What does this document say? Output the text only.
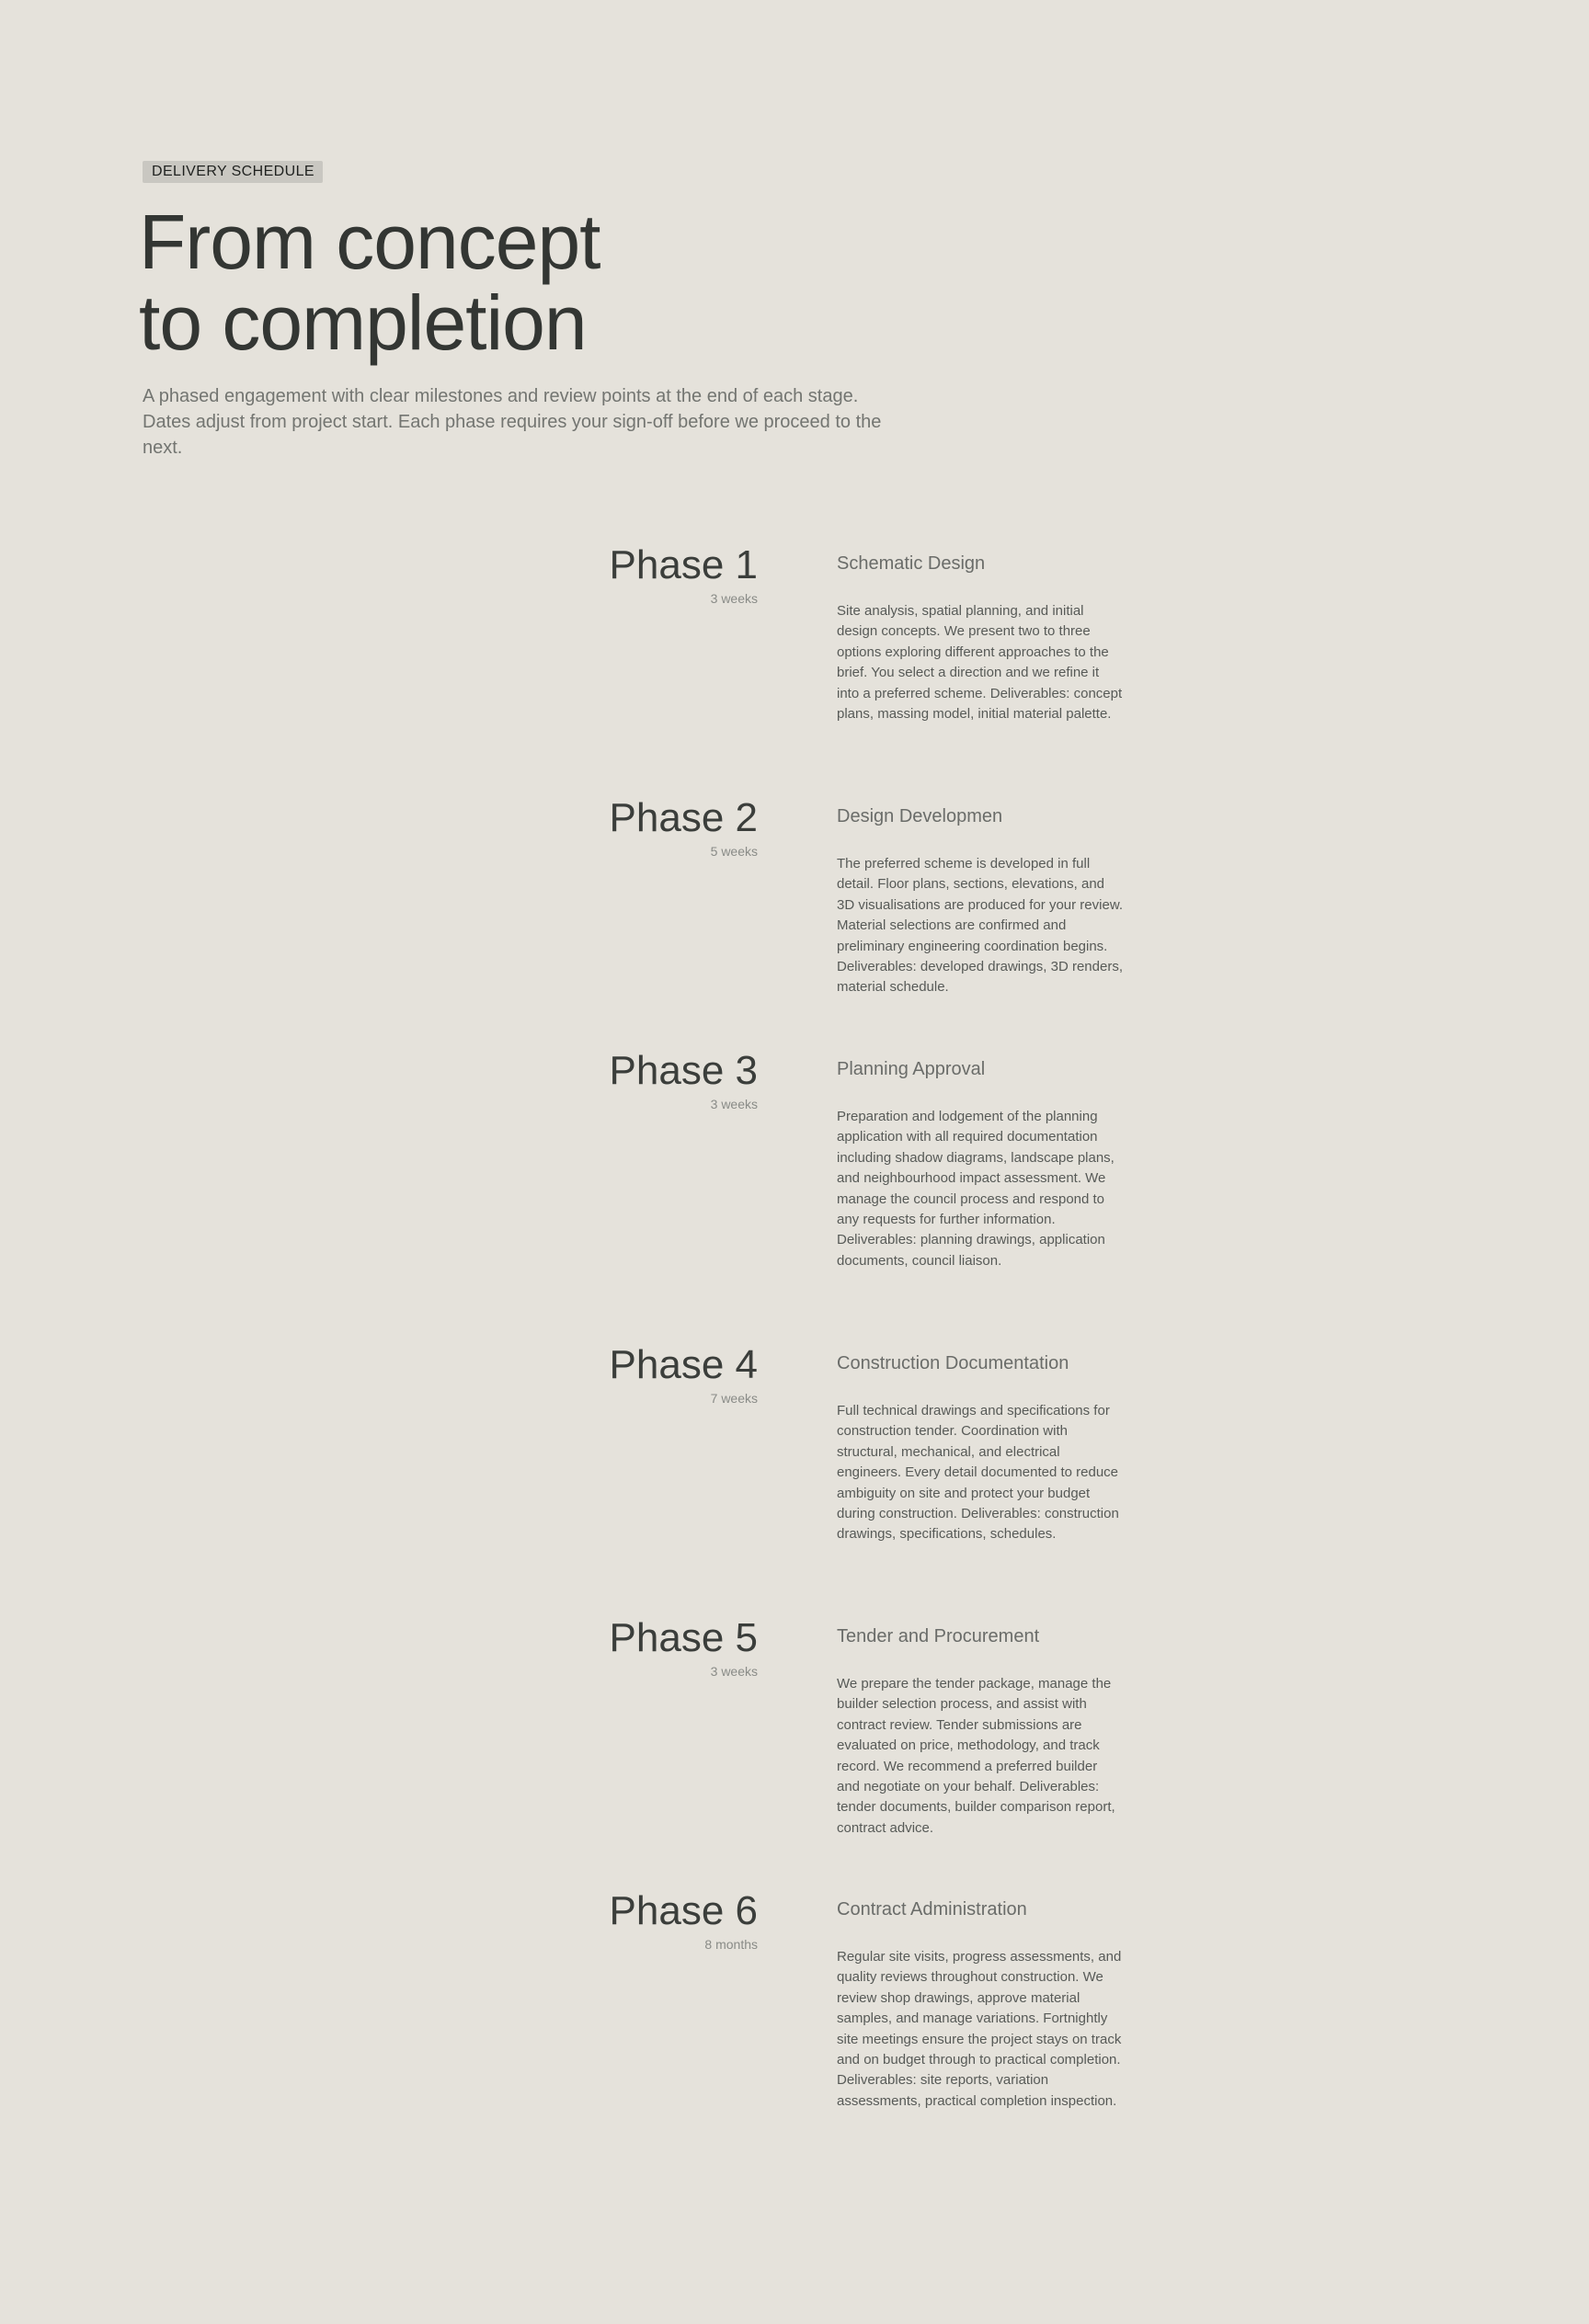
DELIVERY SCHEDULE
From concept
to completion

A phased engagement with clear milestones and review points at the end of each stage. Dates adjust from project start. Each phase requires your sign-off before we proceed to the next.

Phase 1
3 weeks
Schematic Design
Site analysis, spatial planning, and initial design concepts. We present two to three options exploring different approaches to the brief. You select a direction and we refine it into a preferred scheme. Deliverables: concept plans, massing model, initial material palette.
Phase 2
5 weeks
Design Developmen
The preferred scheme is developed in full detail. Floor plans, sections, elevations, and 3D visualisations are produced for your review. Material selections are confirmed and preliminary engineering coordination begins. Deliverables: developed drawings, 3D renders, material schedule.
Phase 3
3 weeks
Planning Approval
Preparation and lodgement of the planning application with all required documentation including shadow diagrams, landscape plans, and neighbourhood impact assessment. We manage the council process and respond to any requests for further information. Deliverables: planning drawings, application documents, council liaison.
Phase 4
7 weeks
Construction Documentation
Full technical drawings and specifications for construction tender. Coordination with structural, mechanical, and electrical engineers. Every detail documented to reduce ambiguity on site and protect your budget during construction. Deliverables: construction drawings, specifications, schedules.
Phase 5
3 weeks
Tender and Procurement
We prepare the tender package, manage the builder selection process, and assist with contract review. Tender submissions are evaluated on price, methodology, and track record. We recommend a preferred builder and negotiate on your behalf. Deliverables: tender documents, builder comparison report, contract advice.
Phase 6
8 months
Contract Administration
Regular site visits, progress assessments, and quality reviews throughout construction. We review shop drawings, approve material samples, and manage variations. Fortnightly site meetings ensure the project stays on track and on budget through to practical completion. Deliverables: site reports, variation assessments, practical completion inspection.
